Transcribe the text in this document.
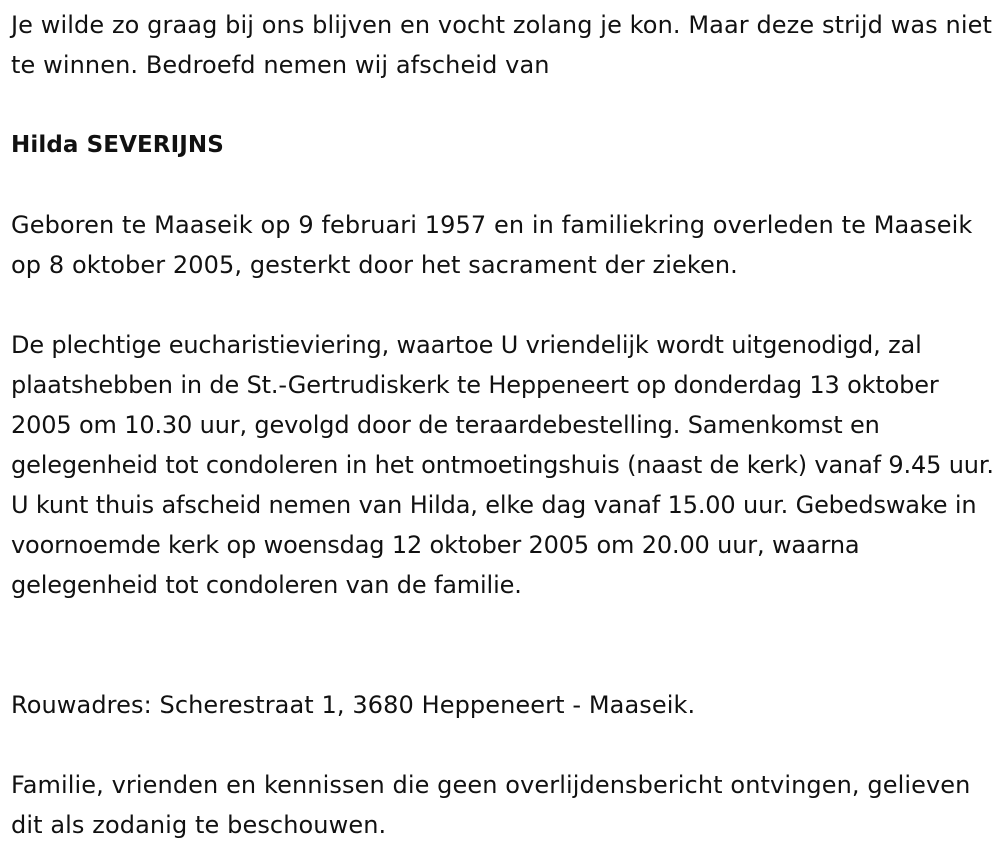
Je wilde zo graag bij ons blijven en vocht zolang je kon. Maar deze strijd was niet te winnen. Bedroefd nemen wij afscheid van

Hilda SEVERIJNS

Geboren te Maaseik op 9 februari 1957 en in familiekring overleden te Maaseik op 8 oktober 2005, gesterkt door het sacrament der zieken.

De plechtige eucharistieviering, waartoe U vriendelijk wordt uitgenodigd, zal plaatshebben in de St.-Gertrudiskerk te Heppeneert op donderdag 13 oktober 2005 om 10.30 uur, gevolgd door de teraardebestelling. Samenkomst en gelegenheid tot condoleren in het ontmoetingshuis (naast de kerk) vanaf 9.45 uur. U kunt thuis afscheid nemen van Hilda, elke dag vanaf 15.00 uur. Gebedswake in voornoemde kerk op woensdag 12 oktober 2005 om 20.00 uur, waarna gelegenheid tot condoleren van de familie.

Rouwadres: Scherestraat 1, 3680 Heppeneert - Maaseik.

Familie, vrienden en kennissen die geen overlijdensbericht ontvingen, gelieven dit als zodanig te beschouwen.
